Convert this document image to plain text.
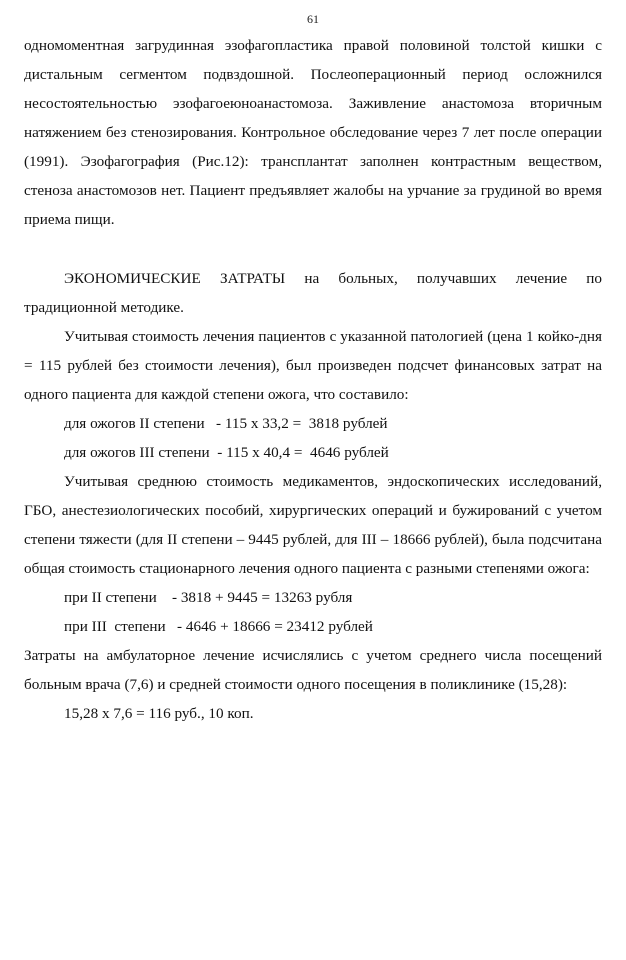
61

одномоментная загрудинная эзофагопластика правой половиной толстой кишки с дистальным сегментом подвздошной. Послеоперационный период осложнился несостоятельностью эзофагоеюноанастомоза. Заживление анастомоза вторичным натяжением без стенозирования. Контрольное обследование через 7 лет после операции (1991). Эзофагография (Рис.12): трансплантат заполнен контрастным веществом, стеноза анастомозов нет. Пациент предъявляет жалобы на урчание за грудиной во время приема пищи.

ЭКОНОМИЧЕСКИЕ ЗАТРАТЫ на больных, получавших лечение по традиционной методике.

Учитывая стоимость лечения пациентов с указанной патологией (цена 1 койко-дня = 115 рублей без стоимости лечения), был произведен подсчет финансовых затрат на одного пациента для каждой степени ожога, что составило:

для ожогов II степени   - 115 х 33,2 =  3818 рублей

для ожогов III степени  - 115 х 40,4 =  4646 рублей

Учитывая среднюю стоимость медикаментов, эндоскопических исследований, ГБО, анестезиологических пособий, хирургических операций и бужирований с учетом степени тяжести (для II степени – 9445 рублей, для III – 18666 рублей), была подсчитана общая стоимость стационарного лечения одного пациента с разными степенями ожога:

при II степени    - 3818 + 9445 = 13263 рубля

при III  степени   - 4646 + 18666 = 23412 рублей

Затраты на амбулаторное лечение исчислялись с учетом среднего числа посещений больным врача (7,6) и средней стоимости одного посещения в поликлинике (15,28):

15,28 х 7,6 = 116 руб., 10 коп.
